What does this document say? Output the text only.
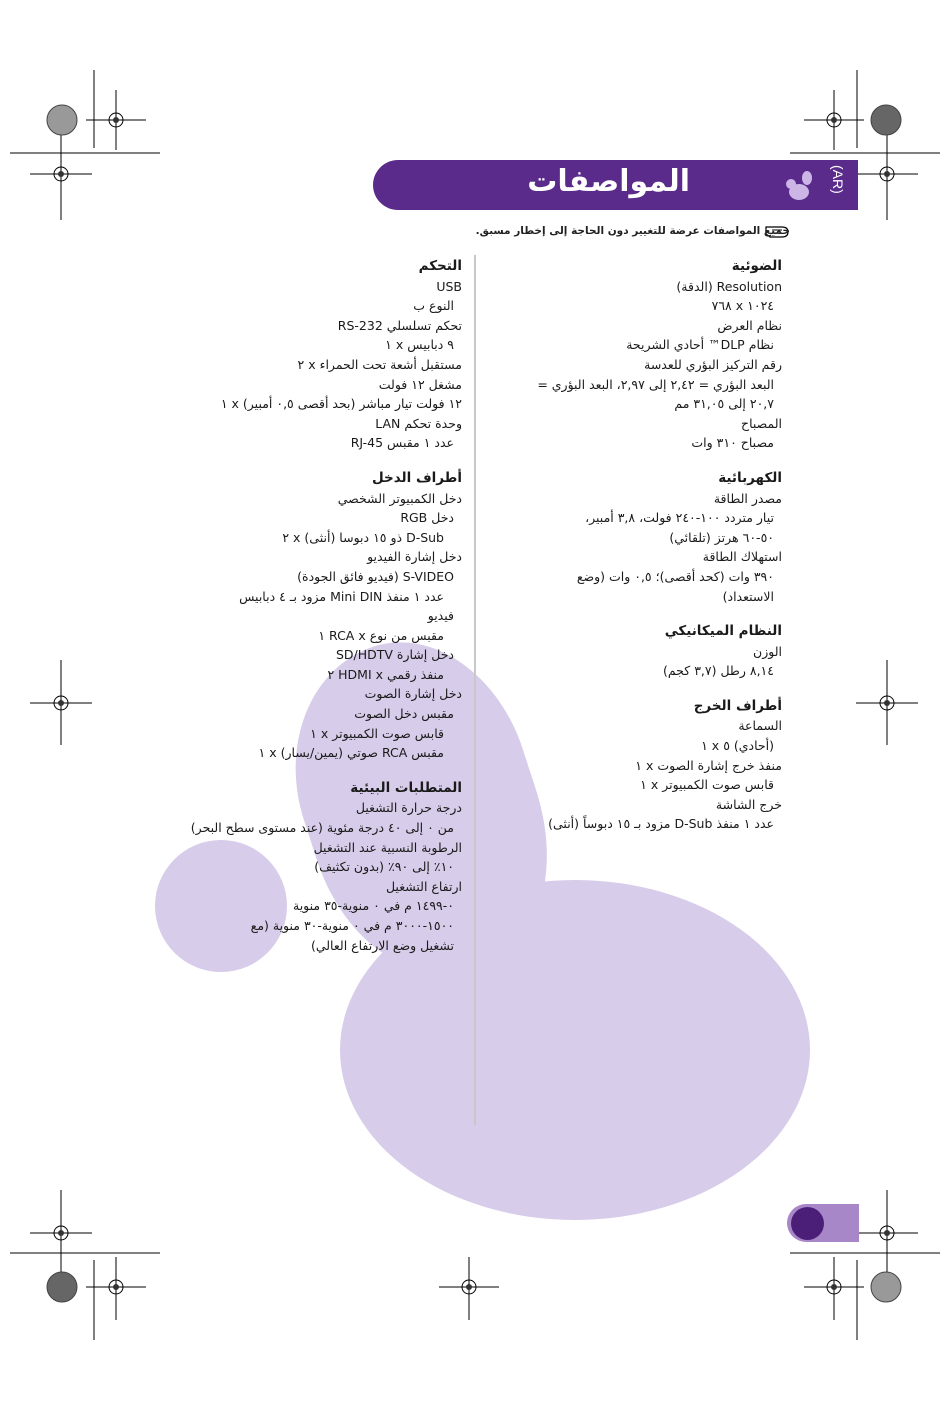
المواصفات	(AR)
جميع المواصفات عرضة للتغيير دون الحاجة إلى إخطار مسبق.
الضوئية
Resolution (الدقة)
١٠٢٤ x ٧٦٨
نظام العرض
نظام DLP™ أحادي الشريحة
رقم التركيز البؤري للعدسة
البعد البؤري = ٢,٤٢ إلى ٢,٩٧، البعد البؤري =
٢٠,٧ إلى ٣١,٠٥ مم
المصباح
مصباح ٣١٠ وات
الكهربائية
مصدر الطاقة
تيار متردد ١٠٠-٢٤٠ فولت، ٣,٨ أمبير،
٥٠-٦٠ هرتز (تلقائي)
استهلاك الطاقة
٣٩٠ وات (كحد أقصى)؛ ٠,٥ وات (وضع
الاستعداد)
النظام الميكانيكي
الوزن
٨,١٤ رطل (٣,٧ كجم)
أطراف الخرج
السماعة
(أحادي) ٥ x ١
منفذ خرج إشارة الصوت x ١
قابس صوت الكمبيوتر x ١
خرج الشاشة
عدد ١ منفذ D-Sub مزود بـ ١٥ دبوساً (أنثى)
التحكم
USB
النوع ب
تحكم تسلسلي RS-232
٩ دبابيس x ١
مستقبل أشعة تحت الحمراء x ٢
مشغل ١٢ فولت
١٢ فولت تيار مباشر (بحد أقصى ٠,٥ أمبير) x ١
وحدة تحكم LAN
عدد ١ مقبس RJ-45
أطراف الدخل
دخل الكمبيوتر الشخصي
دخل RGB
D-Sub ذو ١٥ دبوسا (أنثى) x ٢
دخل إشارة الفيديو
S-VIDEO (فيديو فائق الجودة)
عدد ١ منفذ Mini DIN مزود بـ ٤ دبابيس
فيديو
مقبس من نوع RCA x ١
دخل إشارة SD/HDTV
منفذ رقمي HDMI x ٢
دخل إشارة الصوت
مقبس دخل الصوت
قابس صوت الكمبيوتر x ١
مقبس RCA صوتي (يمين/يسار) x ١
المتطلبات البيئية
درجة حرارة التشغيل
من ٠ إلى ٤٠ درجة مئوية (عند مستوى سطح البحر)
الرطوبة النسبية عند التشغيل
١٠٪ إلى ٩٠٪ (بدون تكثيف)
ارتفاع التشغيل
٠-١٤٩٩ م في ٠ منوية-٣٥ منوية
١٥٠٠-٣٠٠٠ م في ٠ منوية-٣٠ منوية (مع
تشغيل وضع الارتفاع العالي)
